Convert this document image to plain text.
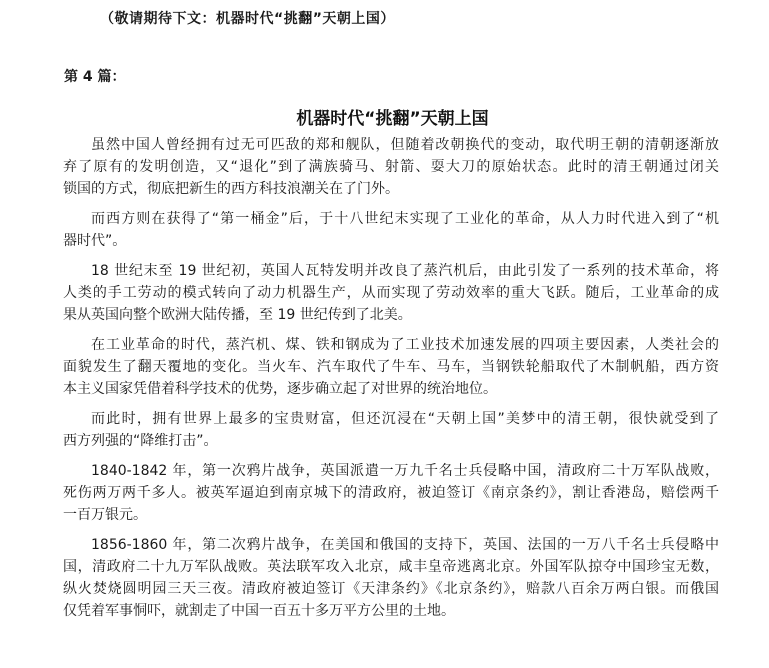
（敬请期待下文：机器时代“挑翻”天朝上国）
第 4 篇：
机器时代“挑翻”天朝上国
虽然中国人曾经拥有过无可匹敌的郑和舰队，但随着改朝换代的变动，取代明王朝的清朝逐渐放
弃了原有的发明创造，又“退化”到了满族骑马、射箭、耍大刀的原始状态。此时的清王朝通过闭关
锁国的方式，彻底把新生的西方科技浪潮关在了门外。
而西方则在获得了“第一桶金”后，于十八世纪末实现了工业化的革命，从人力时代进入到了“机
器时代”。
18 世纪末至 19 世纪初，英国人瓦特发明并改良了蒸汽机后，由此引发了一系列的技术革命，将
人类的手工劳动的模式转向了动力机器生产，从而实现了劳动效率的重大飞跃。随后，工业革命的成
果从英国向整个欧洲大陆传播，至 19 世纪传到了北美。
在工业革命的时代，蒸汽机、煤、铁和钢成为了工业技术加速发展的四项主要因素，人类社会的
面貌发生了翻天覆地的变化。当火车、汽车取代了牛车、马车，当钢铁轮船取代了木制帆船，西方资
本主义国家凭借着科学技术的优势，逐步确立起了对世界的统治地位。
而此时，拥有世界上最多的宝贵财富，但还沉浸在“天朝上国”美梦中的清王朝，很快就受到了
西方列强的“降维打击”。
1840-1842 年，第一次鸦片战争，英国派遣一万九千名士兵侵略中国，清政府二十万军队战败，
死伤两万两千多人。被英军逼迫到南京城下的清政府，被迫签订《南京条约》，割让香港岛，赔偿两千
一百万银元。
1856-1860 年，第二次鸦片战争，在美国和俄国的支持下，英国、法国的一万八千名士兵侵略中
国，清政府二十九万军队战败。英法联军攻入北京，咸丰皇帝逃离北京。外国军队掠夺中国珍宝无数，
纵火焚烧圆明园三天三夜。清政府被迫签订《天津条约》《北京条约》，赔款八百余万两白银。而俄国
仅凭着军事恫吓，就割走了中国一百五十多万平方公里的土地。
